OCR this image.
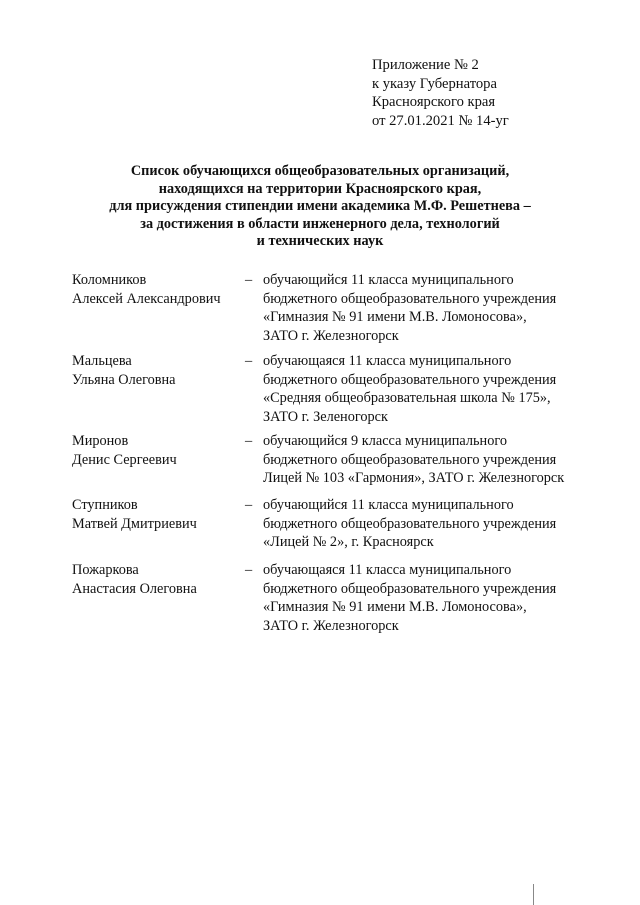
Приложение № 2
к указу Губернатора
Красноярского края
от 27.01.2021 № 14-уг
Список обучающихся общеобразовательных организаций,
находящихся на территории Красноярского края,
для присуждения стипендии имени академика М.Ф. Решетнева –
за достижения в области инженерного дела, технологий
и технических наук
Коломников
Алексей Александрович
– обучающийся 11 класса муниципального
бюджетного общеобразовательного учреждения
«Гимназия № 91 имени М.В. Ломоносова»,
ЗАТО г. Железногорск
Мальцева
Ульяна Олеговна
– обучающаяся 11 класса муниципального
бюджетного общеобразовательного учреждения
«Средняя общеобразовательная школа № 175»,
ЗАТО г. Зеленогорск
Миронов
Денис Сергеевич
– обучающийся 9 класса муниципального
бюджетного общеобразовательного учреждения
Лицей № 103 «Гармония», ЗАТО г. Железногорск
Ступников
Матвей Дмитриевич
– обучающийся 11 класса муниципального
бюджетного общеобразовательного учреждения
«Лицей № 2», г. Красноярск
Пожаркова
Анастасия Олеговна
– обучающаяся 11 класса муниципального
бюджетного общеобразовательного учреждения
«Гимназия № 91 имени М.В. Ломоносова»,
ЗАТО г. Железногорск
